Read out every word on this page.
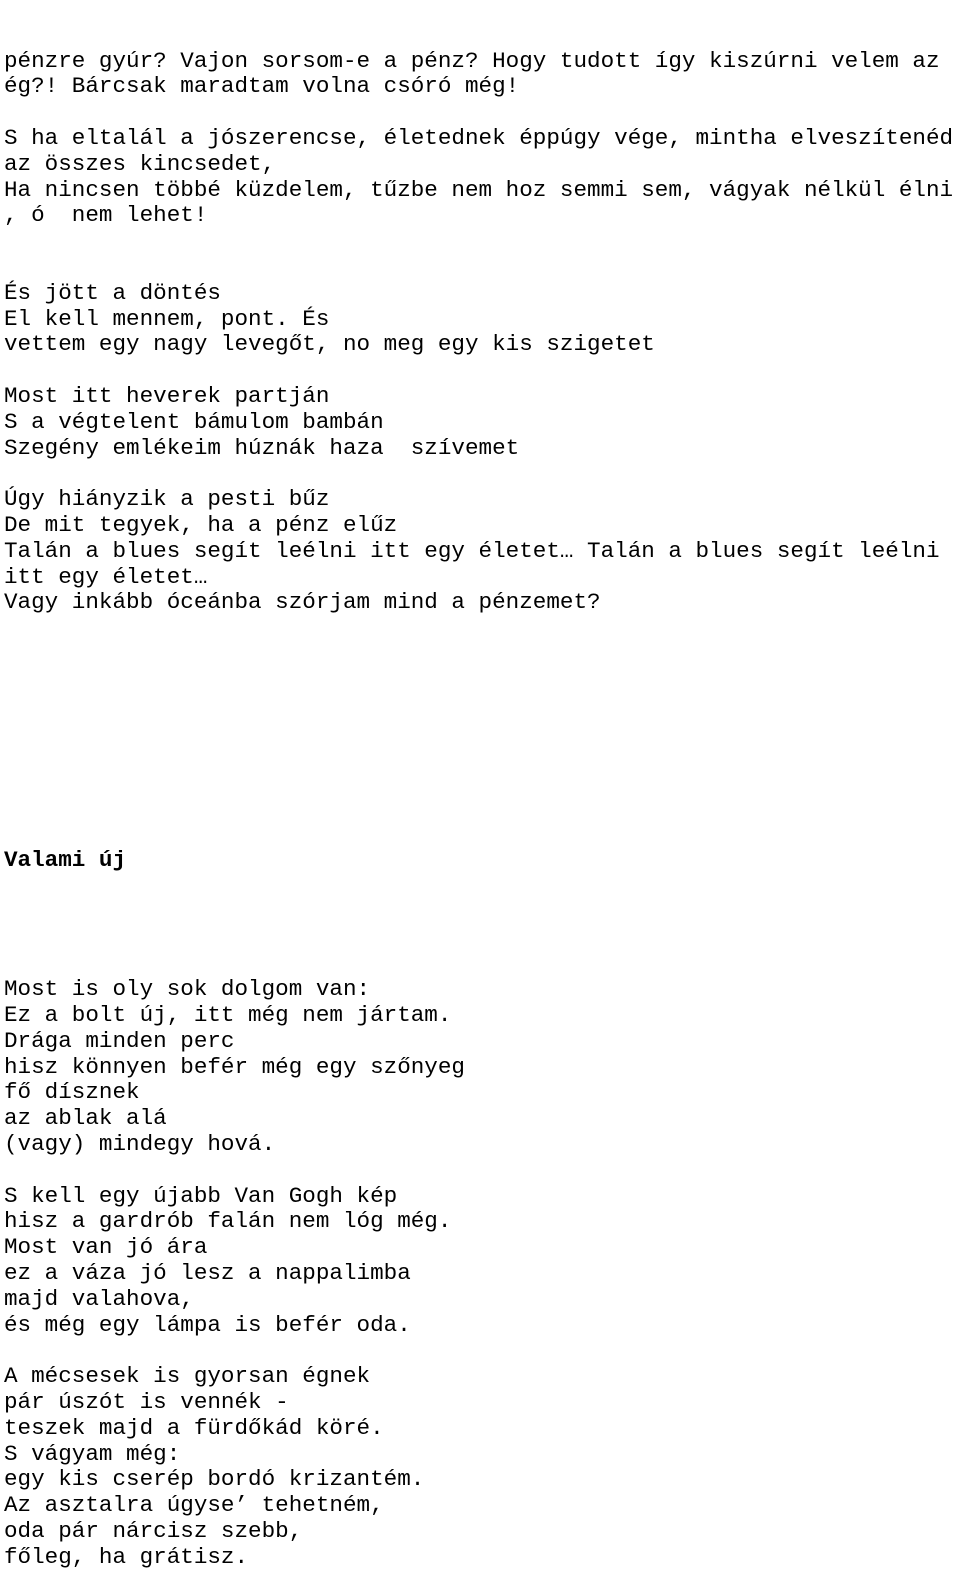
pénzre gyúr? Vajon sorsom-e a pénz? Hogy tudott így kiszúrni velem az
ég?! Bárcsak maradtam volna csóró még!
S ha eltalál a jószerencse, életednek éppúgy vége, mintha elveszítenéd
az összes kincsedet,
Ha nincsen többé küzdelem, tűzbe nem hoz semmi sem, vágyak nélkül élni
, ó  nem lehet!
És jött a döntés
El kell mennem, pont. És
vettem egy nagy levegőt, no meg egy kis szigetet
Most itt heverek partján
S a végtelent bámulom bambán
Szegény emlékeim húznák haza  szívemet
Úgy hiányzik a pesti bűz
De mit tegyek, ha a pénz elűz
Talán a blues segít leélni itt egy életet… Talán a blues segít leélni
itt egy életet…
Vagy inkább óceánba szórjam mind a pénzemet?

Valami új

Most is oly sok dolgom van:
Ez a bolt új, itt még nem jártam.
Drága minden perc
hisz könnyen befér még egy szőnyeg
fő dísznek
az ablak alá
(vagy) mindegy hová.
S kell egy újabb Van Gogh kép
hisz a gardrób falán nem lóg még.
Most van jó ára
ez a váza jó lesz a nappalimba
majd valahova,
és még egy lámpa is befér oda.
A mécsesek is gyorsan égnek
pár úszót is vennék -
teszek majd a fürdőkád köré.
S vágyam még:
egy kis cserép bordó krizantém.
Az asztalra úgyse’ tehetném,
oda pár nárcisz szebb,
főleg, ha grátisz.
